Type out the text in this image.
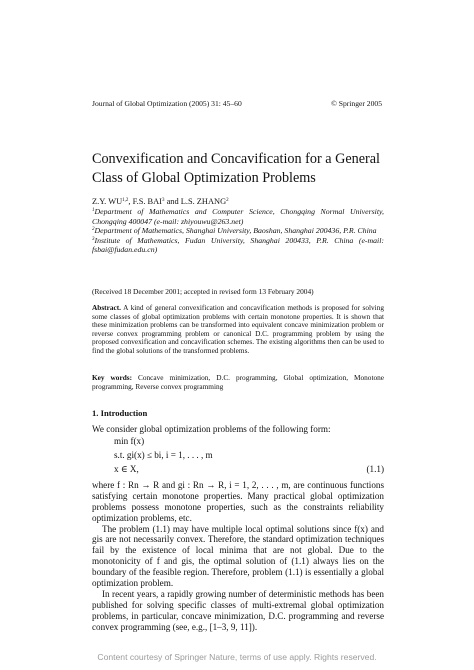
Journal of Global Optimization (2005) 31: 45–60	© Springer 2005
Convexification and Concavification for a General Class of Global Optimization Problems
Z.Y. WU$^{1,2}$, F.S. BAI$^3$ and L.S. ZHANG$^2$
$^1$Department of Mathematics and Computer Science, Chongqing Normal University, Chongqing 400047 (e-mail: zhiyouwu@263.net)
$^2$Department of Mathematics, Shanghai University, Baoshan, Shanghai 200436, P.R. China
$^3$Institute of Mathematics, Fudan University, Shanghai 200433, P.R. China (e-mail: fsbai@fudan.edu.cn)
(Received 18 December 2001; accepted in revised form 13 February 2004)
Abstract. A kind of general convexification and concavification methods is proposed for solving some classes of global optimization problems with certain monotone properties. It is shown that these minimization problems can be transformed into equivalent concave minimization problem or reverse convex programming problem or canonical D.C. programming problem by using the proposed convexification and concavification schemes. The existing algorithms then can be used to find the global solutions of the transformed problems.
Key words: Concave minimization, D.C. programming, Global optimization, Monotone programming, Reverse convex programming
1. Introduction

We consider global optimization problems of the following form:

min f(x)
s.t. gi(x) ≤ bi, i = 1, . . . , m
x ∈ X,	(1.1)

where f : Rn → R and gi : Rn → R, i = 1, 2, . . . , m, are continuous functions satisfying certain monotone properties. Many practical global optimization problems possess monotone properties, such as the constraints reliability optimization problems, etc.

The problem (1.1) may have multiple local optimal solutions since f(x) and gis are not necessarily convex. Therefore, the standard optimization techniques fail by the existence of local minima that are not global. Due to the monotonicity of f and gis, the optimal solution of (1.1) always lies on the boundary of the feasible region. Therefore, problem (1.1) is essentially a global optimization problem.

In recent years, a rapidly growing number of deterministic methods has been published for solving specific classes of multi-extremal global optimization problems, in particular, concave minimization, D.C. programming and reverse convex programming (see, e.g., [1–3, 9, 11]).

Content courtesy of Springer Nature, terms of use apply. Rights reserved.
